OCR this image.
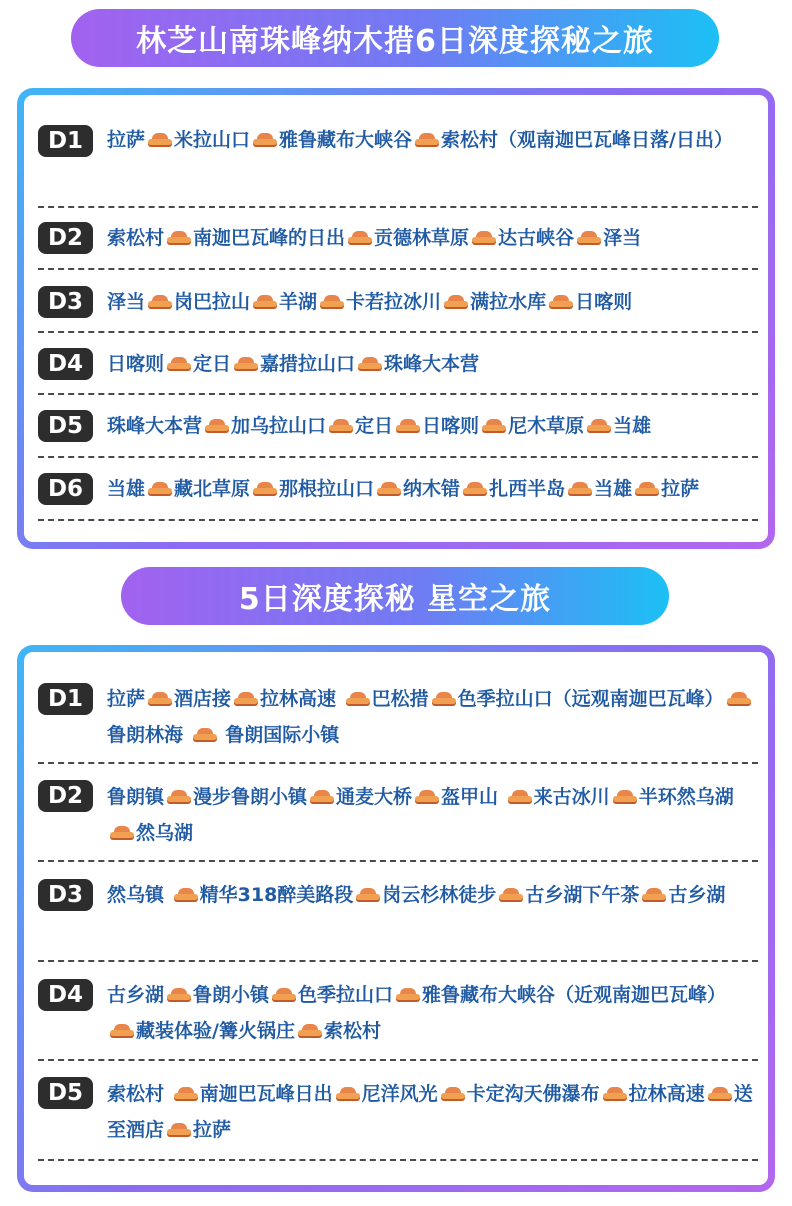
林芝山南珠峰纳木措6日深度探秘之旅
D1	拉萨 米拉山口 雅鲁藏布大峡谷 索松村（观南迦巴瓦峰日落/日出）
D2	索松村 南迦巴瓦峰的日出 贡德林草原 达古峡谷 泽当
D3	泽当 岗巴拉山 羊湖 卡若拉冰川 满拉水库 日喀则
D4	日喀则 定日 嘉措拉山口 珠峰大本营
D5	珠峰大本营 加乌拉山口 定日 日喀则 尼木草原 当雄
D6	当雄 藏北草原 那根拉山口 纳木错 扎西半岛 当雄 拉萨
5日深度探秘 星空之旅
D1	拉萨 酒店接 拉林高速 巴松措 色季拉山口（远观南迦巴瓦峰） 鲁朗林海  鲁朗国际小镇
D2	鲁朗镇 漫步鲁朗小镇 通麦大桥 盔甲山 来古冰川 半环然乌湖然乌湖
D3	然乌镇 精华318醉美路段 岗云杉林徒步 古乡湖下午茶 古乡湖
D4	古乡湖 鲁朗小镇 色季拉山口 雅鲁藏布大峡谷（近观南迦巴瓦峰） 藏装体验/篝火锅庄 索松村
D5	索松村 南迦巴瓦峰日出 尼洋风光 卡定沟天佛瀑布 拉林高速 送至酒店 拉萨
